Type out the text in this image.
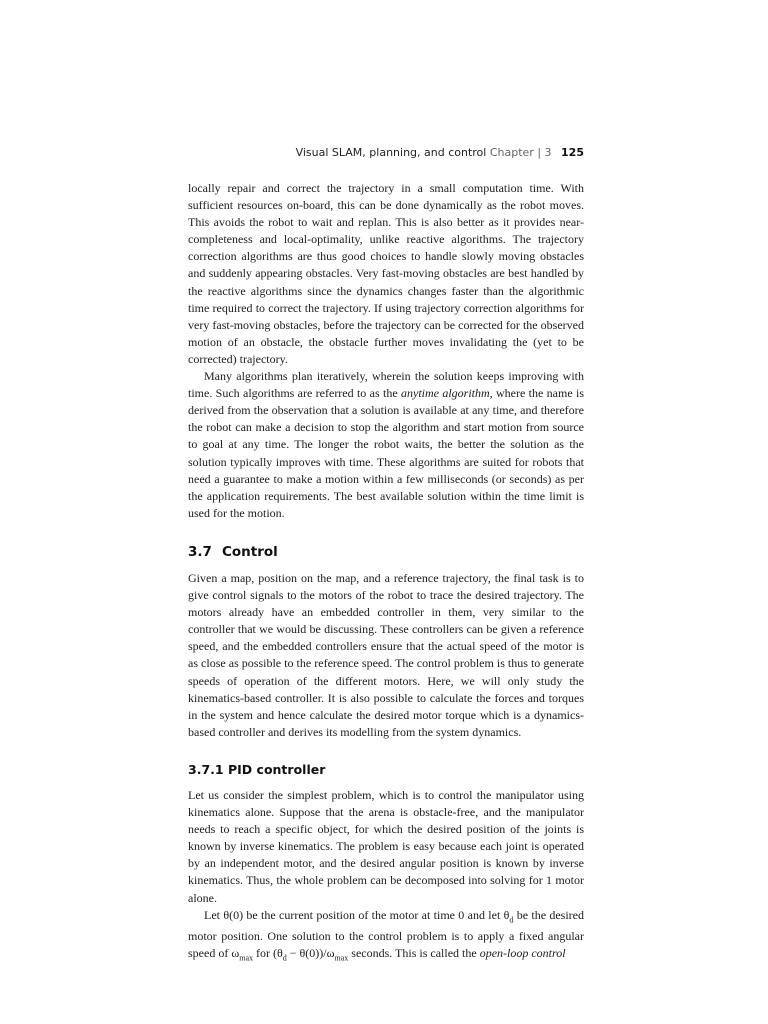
Visual SLAM, planning, and control Chapter | 3 125

locally repair and correct the trajectory in a small computation time. With sufficient resources on-board, this can be done dynamically as the robot moves. This avoids the robot to wait and replan. This is also better as it provides near-completeness and local-optimality, unlike reactive algorithms. The trajectory correction algorithms are thus good choices to handle slowly moving obstacles and suddenly appearing obstacles. Very fast-moving obstacles are best handled by the reactive algorithms since the dynamics changes faster than the algorithmic time required to correct the trajectory. If using trajectory correction algorithms for very fast-moving obstacles, before the trajectory can be corrected for the observed motion of an obstacle, the obstacle further moves invalidating the (yet to be corrected) trajectory.

Many algorithms plan iteratively, wherein the solution keeps improving with time. Such algorithms are referred to as the anytime algorithm, where the name is derived from the observation that a solution is available at any time, and therefore the robot can make a decision to stop the algorithm and start motion from source to goal at any time. The longer the robot waits, the better the solution as the solution typically improves with time. These algorithms are suited for robots that need a guarantee to make a motion within a few milliseconds (or seconds) as per the application requirements. The best available solution within the time limit is used for the motion.

3.7 Control

Given a map, position on the map, and a reference trajectory, the final task is to give control signals to the motors of the robot to trace the desired trajectory. The motors already have an embedded controller in them, very similar to the controller that we would be discussing. These controllers can be given a reference speed, and the embedded controllers ensure that the actual speed of the motor is as close as possible to the reference speed. The control problem is thus to generate speeds of operation of the different motors. Here, we will only study the kinematics-based controller. It is also possible to calculate the forces and torques in the system and hence calculate the desired motor torque which is a dynamics-based controller and derives its modelling from the system dynamics.

3.7.1 PID controller

Let us consider the simplest problem, which is to control the manipulator using kinematics alone. Suppose that the arena is obstacle-free, and the manipulator needs to reach a specific object, for which the desired position of the joints is known by inverse kinematics. The problem is easy because each joint is operated by an independent motor, and the desired angular position is known by inverse kinematics. Thus, the whole problem can be decomposed into solving for 1 motor alone.

Let θ(0) be the current position of the motor at time 0 and let $\theta_d$ be the desired motor position. One solution to the control problem is to apply a fixed angular speed of $\omega_{max}$ for $(\theta_d - \theta(0))/\omega_{max}$ seconds. This is called the open-loop control
